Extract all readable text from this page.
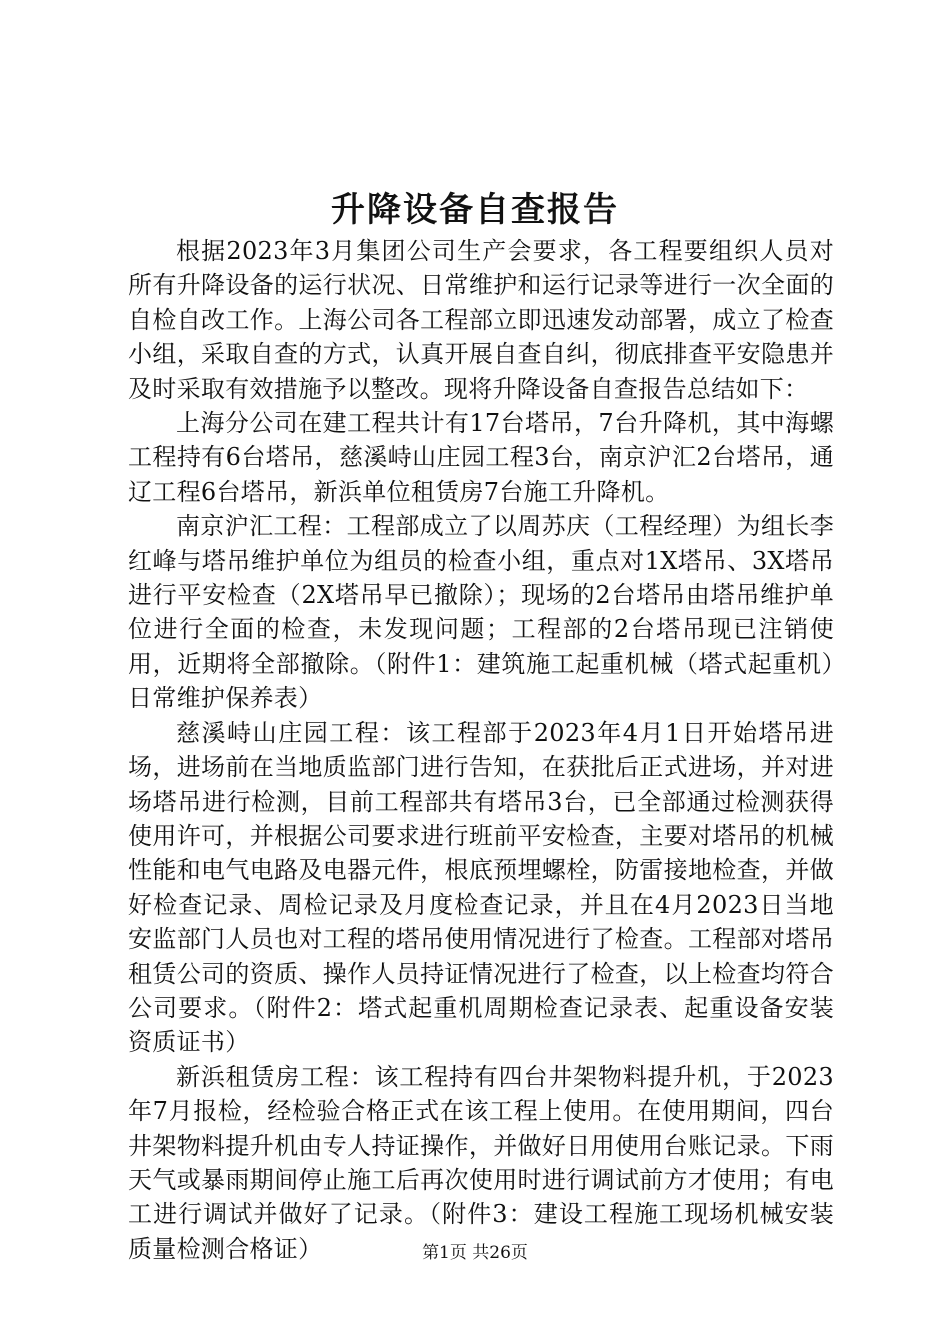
升降设备自查报告

根据2023年3月集团公司生产会要求，各工程要组织人员对所有升降设备的运行状况、日常维护和运行记录等进行一次全面的自检自改工作。上海公司各工程部立即迅速发动部署，成立了检查小组，采取自查的方式，认真开展自查自纠，彻底排查平安隐患并及时采取有效措施予以整改。现将升降设备自查报告总结如下：

上海分公司在建工程共计有17台塔吊，7台升降机，其中海螺工程持有6台塔吊，慈溪峙山庄园工程3台，南京沪汇2台塔吊，通辽工程6台塔吊，新浜单位租赁房7台施工升降机。

南京沪汇工程：工程部成立了以周苏庆（工程经理）为组长李红峰与塔吊维护单位为组员的检查小组，重点对1X塔吊、3X塔吊进行平安检查（2X塔吊早已撤除）；现场的2台塔吊由塔吊维护单位进行全面的检查，未发现问题；工程部的2台塔吊现已注销使用，近期将全部撤除。（附件1：建筑施工起重机械（塔式起重机）日常维护保养表）

慈溪峙山庄园工程：该工程部于2023年4月1日开始塔吊进场，进场前在当地质监部门进行告知，在获批后正式进场，并对进场塔吊进行检测，目前工程部共有塔吊3台，已全部通过检测获得使用许可，并根据公司要求进行班前平安检查，主要对塔吊的机械性能和电气电路及电器元件，根底预埋螺栓，防雷接地检查，并做好检查记录、周检记录及月度检查记录，并且在4月2023日当地安监部门人员也对工程的塔吊使用情况进行了检查。工程部对塔吊租赁公司的资质、操作人员持证情况进行了检查，以上检查均符合公司要求。（附件2：塔式起重机周期检查记录表、起重设备安装资质证书）

新浜租赁房工程：该工程持有四台井架物料提升机，于2023年7月报检，经检验合格正式在该工程上使用。在使用期间，四台井架物料提升机由专人持证操作，并做好日用使用台账记录。下雨天气或暴雨期间停止施工后再次使用时进行调试前方才使用；有电工进行调试并做好了记录。（附件3：建设工程施工现场机械安装质量检测合格证）	第1页 共26页
